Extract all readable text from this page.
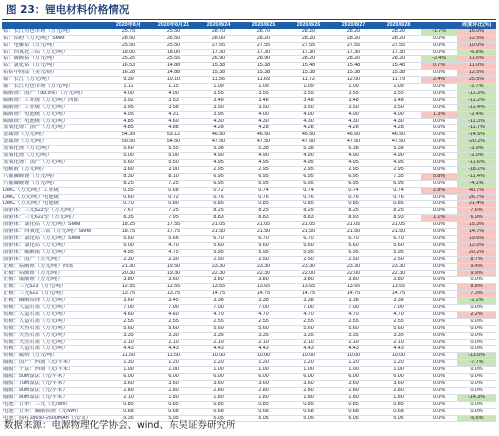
图 23：锂电材料价格情况
	2020年8月	2020年8月21	2020/8/24	2020/8/25	2020/8/26	2020/8/27	2020/8/28		周度环比(%)
钴：长江有色市场（万元/吨）	25.75	25.50	28.70	28.70	28.20	28.20	28.20	-1.7%	16.0%
钴：钴粉（万元/吨）SMM	28.50	26.50	28.00	28.20	28.20	28.20	28.20	0.0%	12.5%
钴：电解钴（万元/吨）	25.50	25.50	27.55	27.55	27.55	27.55	27.55	0.0%	10.0%
钴：四氧化三钴（万元/吨）	18.00	18.00	17.30	17.30	17.30	17.30	17.30	0.0%	-6.8%
钴：硫酸钴（万元/吨）	25.25	25.55	26.90	28.90	28.20	28.20	28.20	-2.4%	11.6%
钴：氯化钴（万元/吨）	16.53	14.88	15.38	15.38	15.48	15.48	15.48	0.7%	11.0%
钴钴中间品（美元/磅）	16.28	14.88	15.38	15.38	15.38	15.38	15.38	0.0%	12.5%
镍：长江（万元/吨）	9.39	10.10	11.56	11.69	11.72	12.00	11.79	2.4%	25.5%
镍：长江有色市场（万元/吨）	1.11	1.15	1.09	1.09	1.09	1.09	1.09	0.0%	-2.7%
碳酸锂：国产（99.5%）（万元/吨）	4.00	4.00	3.55	3.55	3.55	3.55	3.55	0.0%	-11.3%
碳酸锂：工业级（万元/吨）西部	3.92	3.53	3.48	3.48	3.48	3.48	3.48	0.0%	-11.2%
碳酸锂：工业级（万元/吨）	3.95	3.58	3.50	3.50	3.50	3.50	3.50	0.0%	-11.4%
碳酸锂：电池级（万元/吨）	4.05	4.31	3.95	4.00	4.00	4.00	4.00	1.3%	-2.4%
碳酸锂：电池级（万元/吨）	4.85	4.60	4.30	4.30	4.30	4.30	4.30	0.0%	-11.3%
氢氧化锂：国产（万元/吨）	4.85	4.88	4.28	4.28	4.28	4.28	4.28	0.0%	-11.7%
金属锂（万元/吨）	54.39	53.12	46.50	46.50	46.50	46.50	46.50	0.0%	-14.5%
金属锂（万元/吨）	59.50	54.50	47.50	47.50	47.50	47.50	47.50	0.0%	-20.2%
氢氧化锂（万元/吨）	5.60	5.55	5.38	5.38	5.38	5.38	5.38	0.0%	-3.9%
氢氧化锂（万元/吨）	5.00	5.00	4.90	4.90	4.90	4.90	4.90	0.0%	-2.0%
氢氧化锂：国产（万元/吨）	5.60	5.50	4.95	4.95	4.95	4.95	4.95	0.0%	-11.6%
电解液（万元/吨）	3.60	3.00	2.95	2.95	2.95	2.95	2.95	0.0%	-18.1%
六氟磷酸锂（万元/吨）	8.30	8.10	6.95	6.95	6.95	6.95	7.35	5.8%	-11.4%
六氟磷酸锂（万元/吨）	8.25	7.25	6.95	6.95	6.95	6.95	6.95	0.0%	-4.1%
DMC（万元/吨）工业级	0.55	0.68	0.72	0.74	0.74	0.74	0.74	2.8%	40.7%
DMC（万元/吨）电池级	0.60	0.72	0.76	0.76	0.76	0.76	0.76	0.0%	26.7%
DMC（万元/吨）电池级	0.70	0.80	0.85	0.85	0.85	0.85	0.85	0.0%	21.4%
前驱体：三元523型（万元/吨）	7.67	7.25	8.25	8.25	8.25	8.25	8.25	0.0%	7.6%
前驱体：三元622型（万元/吨）	8.35	7.95	8.83	8.83	8.83	8.93	8.93	1.1%	6.9%
前驱体：氯化钴（万元/吨）SMM	18.25	17.55	21.05	21.05	21.05	21.05	21.05	0.0%	15.3%
前驱体：四氧化三钴（万元/吨）SMM	18.75	17.75	21.50	21.50	21.50	21.50	21.50	0.0%	14.7%
前驱体：氯化钴（万元/吨）SMM	5.60	5.66	6.70	6.70	6.70	6.70	6.70	0.0%	19.6%
前驱体：氯化钴（万元/吨）	5.00	4.70	5.60	5.60	5.60	5.60	5.60	0.0%	12.0%
前驱体：硫酸锰（万元/吨）	4.95	4.75	5.95	5.95	5.95	5.95	5.95	0.0%	20.2%
前驱体：国产（万元/吨）	2.30	2.30	2.50	2.50	2.50	2.50	2.50	0.0%	8.7%
正极：钴酸锂（万元/吨）西部	21.30	19.50	23.30	23.30	23.30	23.30	23.30	0.0%	9.4%
正极：钴酸锂（万元/吨）	20.30	19.30	22.30	22.30	22.00	22.00	22.30	0.0%	9.9%
正极：锰酸锂（万元/吨）	3.80	3.60	3.80	3.80	3.80	3.80	3.80	0.0%	0.0%
正极：三元523（万元/吨）	12.55	12.55	13.65	13.65	13.65	13.65	13.65	0.0%	8.8%
正极：三元622（万元/吨）	13.75	13.75	14.75	14.75	14.75	14.75	14.75	0.0%	7.3%
正极：磷酸铁锂（万元/吨）	3.60	3.45	3.38	3.38	3.38	3.38	3.38	0.0%	-2.2%
负极：人造石墨（万元/吨）	7.00	7.00	7.00	7.00	7.00	7.00	7.00	0.0%	0.0%
负极：人造石墨（万元/吨）	4.60	4.60	4.70	4.70	4.70	4.70	4.70	0.0%	2.2%
负极：人造石墨（万元/吨）	2.55	2.55	2.55	2.55	2.55	2.55	2.55	0.0%	0.0%
负极：天然石墨（万元/吨）	5.60	5.60	5.60	5.60	5.60	5.60	5.60	0.0%	0.0%
负极：天然石墨（万元/吨）	3.35	3.30	3.35	3.35	3.35	3.35	3.35	0.0%	0.0%
负极：天然石墨（万元/吨）	2.10	2.10	2.10	2.10	2.10	2.10	2.10	0.0%	0.0%
负极：人造石墨（万元/吨）	4.43	4.43	4.43	4.43	4.43	4.43	4.43	0.0%	0.0%
负极：碳纳（万元/吨）	11.50	11.50	10.00	10.00	10.00	10.00	10.00	0.0%	-13.0%
隔膜：国产：西南（元/平米）	1.30	1.20	1.20	1.20	1.20	1.20	1.20	0.0%	-7.7%
隔膜：干法：西南（元/平米）	1.00	1.00	1.00	1.00	1.00	1.00	1.00	0.0%	0.0%
隔膜：5um湿法（元/平米）	6.00	6.00	6.00	6.00	6.00	6.00	6.00	0.0%	0.0%
隔膜：7um湿法（元/平米）	3.60	3.60	3.60	3.60	3.60	3.60	3.60	0.0%	0.0%
隔膜：9um湿法（元/平米）	2.80	2.80	2.80	2.80	2.80	2.80	2.80	0.0%	0.0%
隔膜：9um湿法（元/平米）	2.10	1.80	1.80	1.80	1.80	1.80	1.80	0.0%	-14.3%
电池：方形：三元（元/Wh）	0.85	0.85	0.85	0.85	0.85	0.85	0.85	0.0%	0.0%
电池：方形：磷酸铁锂（元/Wh）	0.68	0.68	0.68	0.68	0.68	0.68	0.68	0.0%	0.0%
电池：圆柱18650-2500mAh（元/支）	5.35	5.05	5.05	5.05	5.05	5.05	5.05	0.0%	-5.6%
数据来源：电源物理化学协会、wind、东吴证券研究所
